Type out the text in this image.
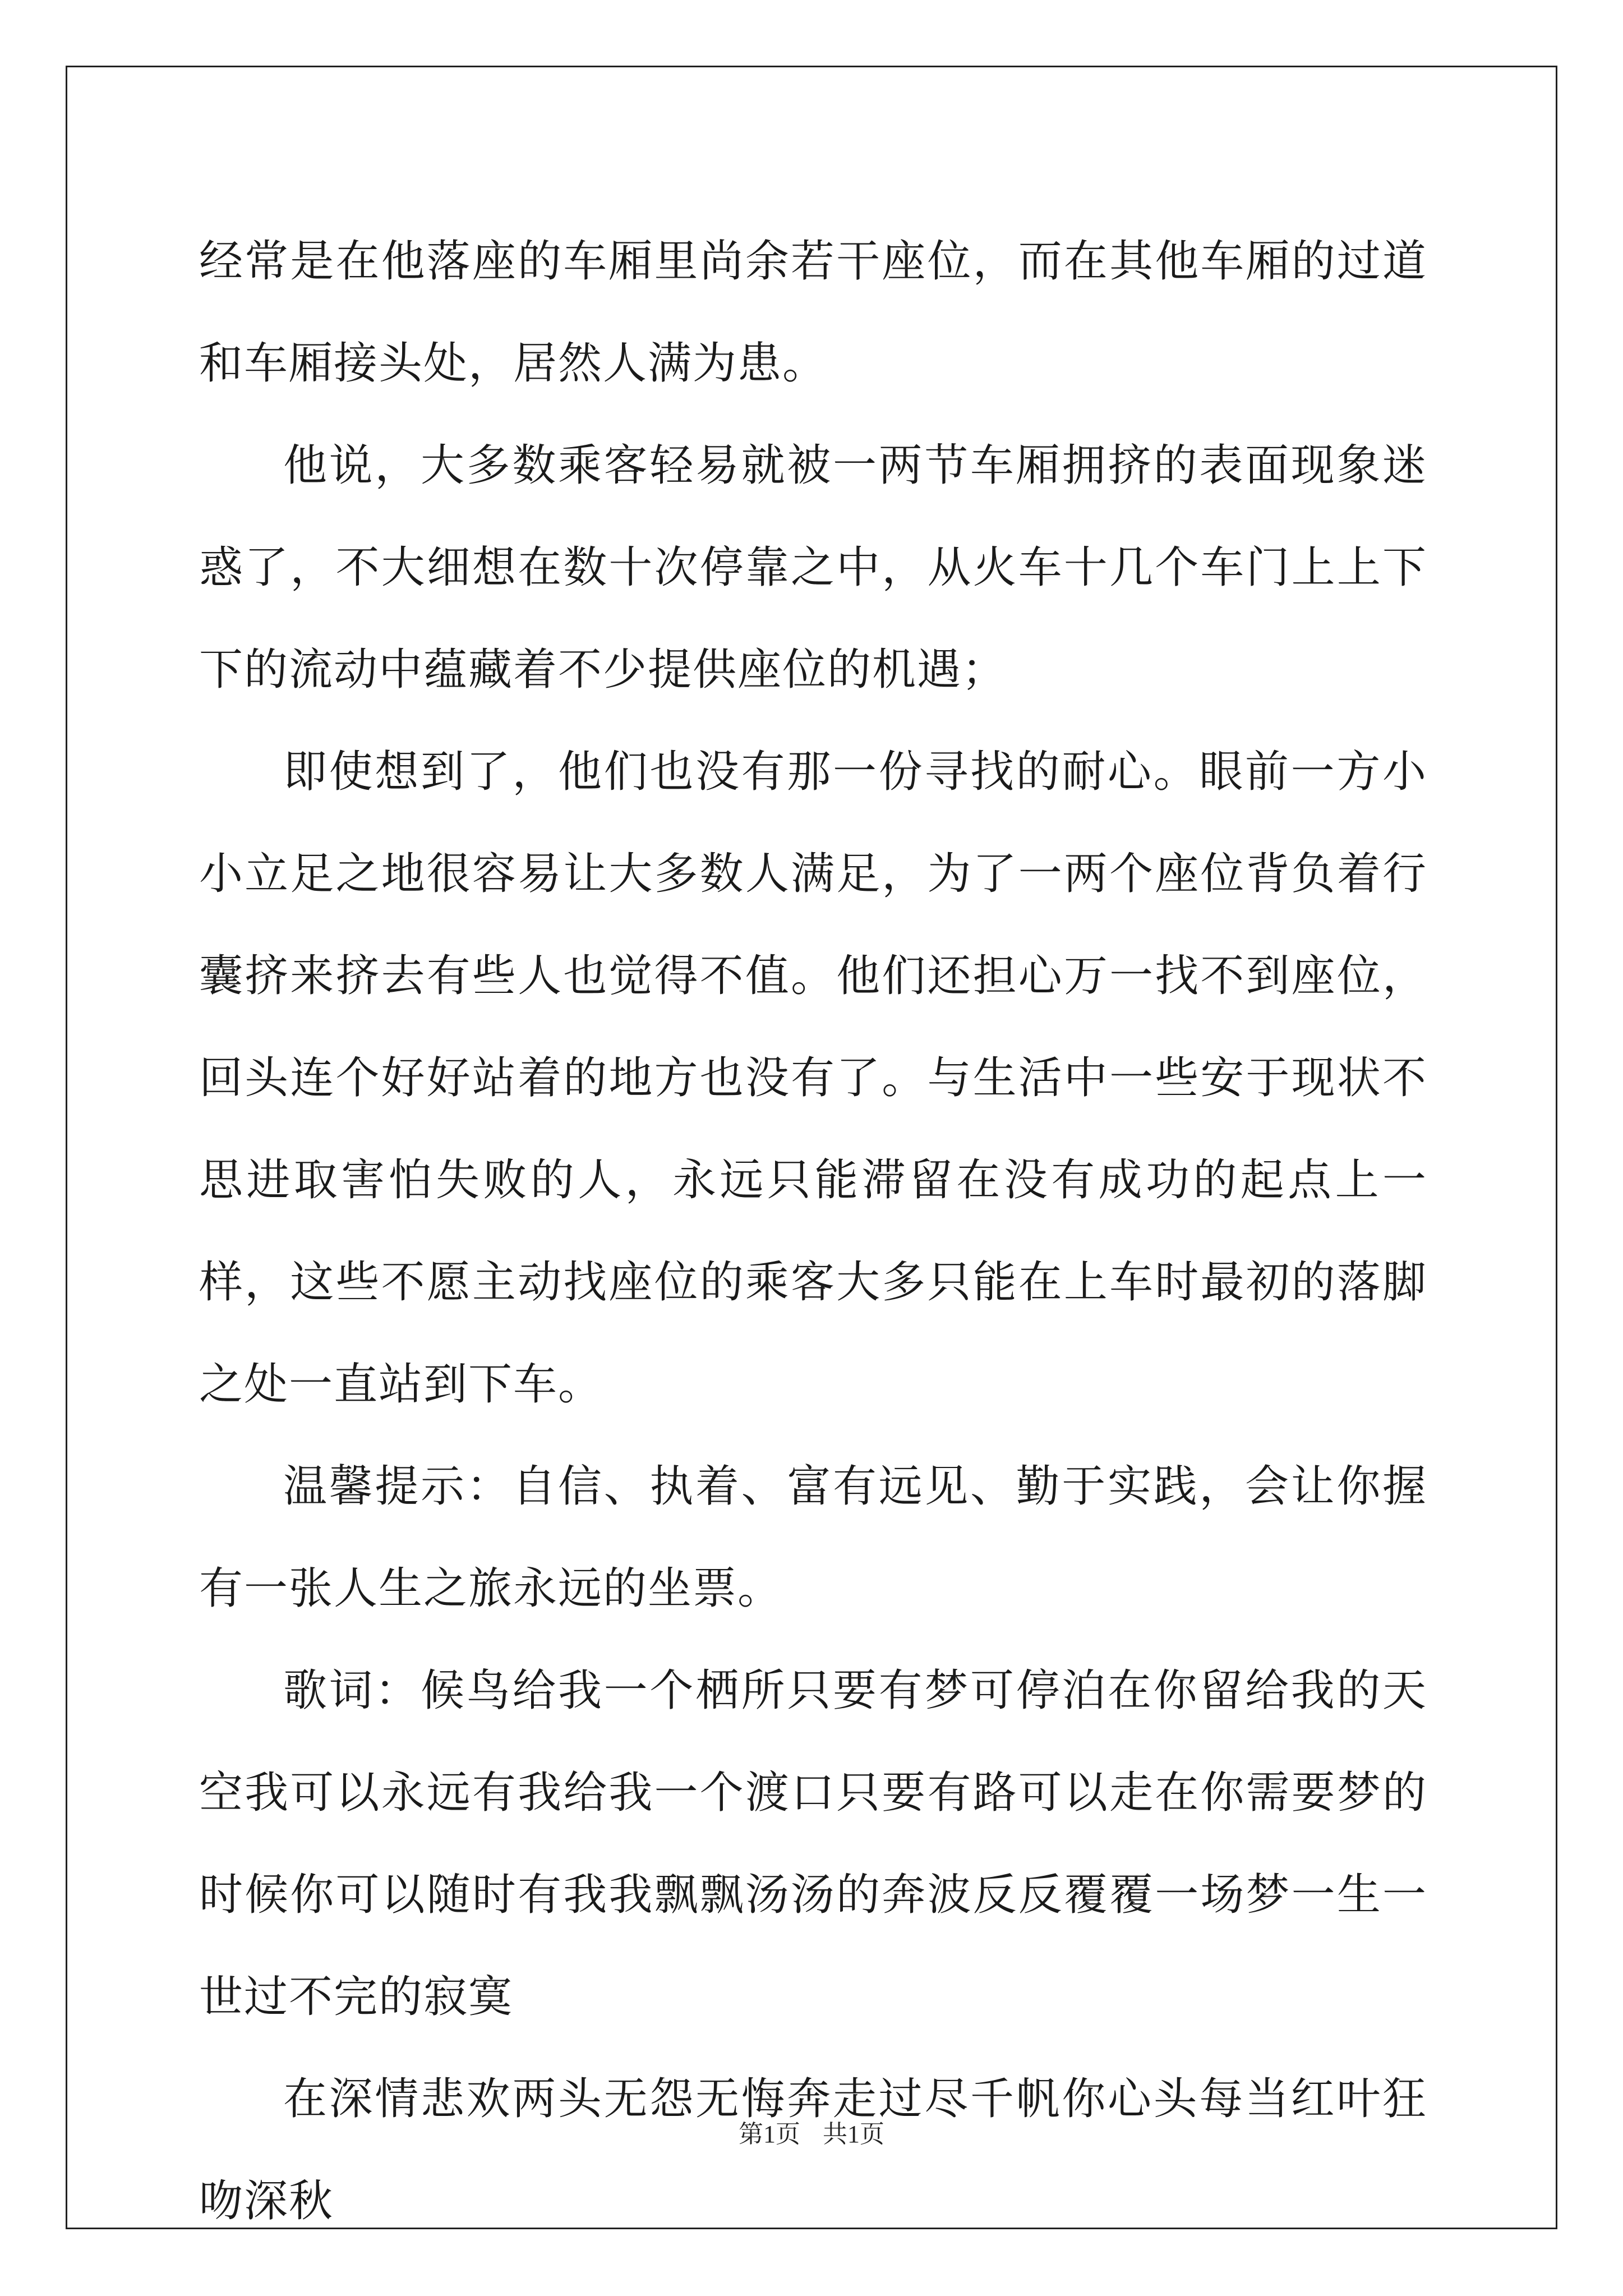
经常是在他落座的车厢里尚余若干座位，而在其他车厢的过道和车厢接头处，居然人满为患。

他说，大多数乘客轻易就被一两节车厢拥挤的表面现象迷惑了，不大细想在数十次停靠之中，从火车十几个车门上上下下的流动中蕴藏着不少提供座位的机遇；

即使想到了，他们也没有那一份寻找的耐心。眼前一方小小立足之地很容易让大多数人满足，为了一两个座位背负着行囊挤来挤去有些人也觉得不值。他们还担心万一找不到座位，回头连个好好站着的地方也没有了。与生活中一些安于现状不思进取害怕失败的人，永远只能滞留在没有成功的起点上一样，这些不愿主动找座位的乘客大多只能在上车时最初的落脚之处一直站到下车。

温馨提示：自信、执着、富有远见、勤于实践，会让你握有一张人生之旅永远的坐票。

歌词：候鸟给我一个栖所只要有梦可停泊在你留给我的天空我可以永远有我给我一个渡口只要有路可以走在你需要梦的时候你可以随时有我我飘飘汤汤的奔波反反覆覆一场梦一生一世过不完的寂寞

在深情悲欢两头无怨无悔奔走过尽千帆你心头每当红叶狂吻深秋

第1页 共1页
